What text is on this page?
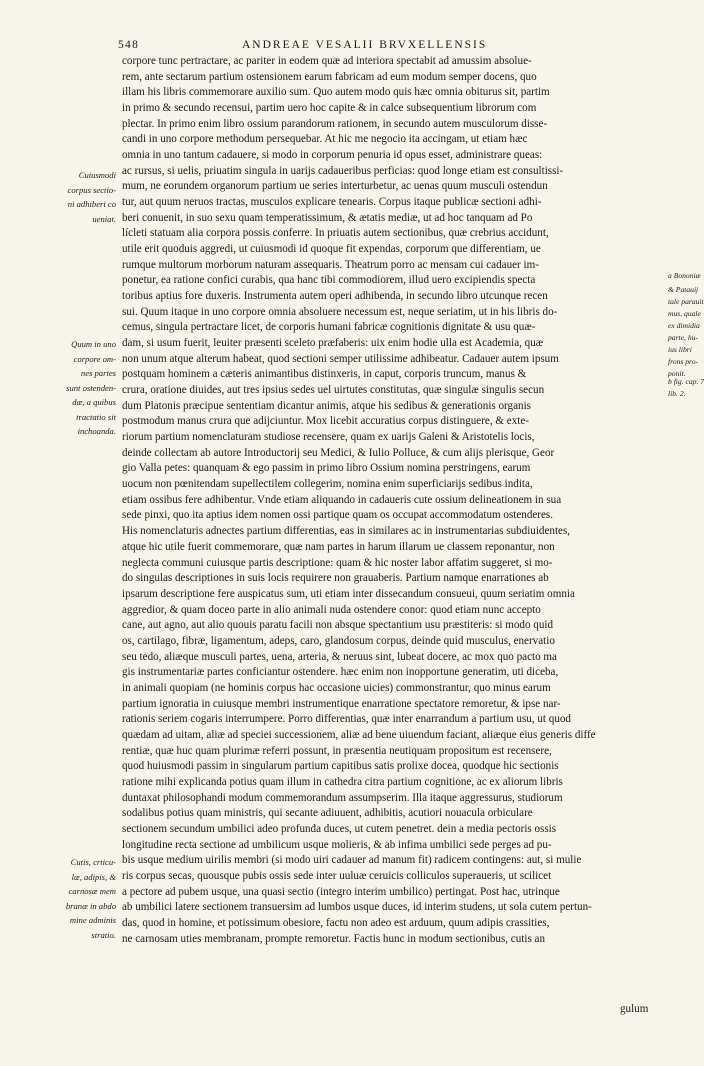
548	ANDREAE VESALII BRVXELLENSIS
corpore tunc pertractare, ac pariter in eodem quæ ad interiora spectabit ad amussim absolue-
rem, ante sectarum partium ostensionem earum fabricam ad eum modum semper docens, quo
illam his libris commemorare auxilio sum. Quo autem modo quis hæc omnia obiturus sit, partim
in primo & secundo recensui, partim uero hoc capite & in calce subsequentium librorum com
plectar. In primo enim libro ossium parandorum rationem, in secundo autem musculorum disse-
candi in uno corpore methodum persequebar. At hic me negocio ita accingam, ut etiam hæc
omnia in uno tantum cadauere, si modo in corporum penuria id opus esset, administrare queas:
ac rursus, si uelis, priuatim singula in uarijs cadaueribus perficias: quod longe etiam est consultissi-
mum, ne eorundem organorum partium ue series interturbetur, ac uenas quum musculi ostendun
tur, aut quum neruos tractas, musculos explicare tenearis. Corpus itaque publicæ sectioni adhi-
beri conuenit, in suo sexu quam temperatissimum, & ætatis mediæ, ut ad hoc tanquam ad Po
lícleti statuam alia corpora possis conferre. In priuatis autem sectionibus, quæ crebrius accidunt,
utile erit quoduis aggredi, ut cuiusmodi id quoque fit expendas, corporum que differentiam, ue
rumque multorum morborum naturam assequaris. Theatrum porro ac mensam cui cadauer im-
ponetur, ea ratione confici curabis, qua hanc tibi commodiorem, illud uero excipiendis specta
toribus aptius fore duxeris. Instrumenta autem operi adhibenda, in secundo libro utcunque recen
sui. Quum itaque in uno corpore omnia absoluere necessum est, neque seriatim, ut in his libris do-
cemus, singula pertractare licet, de corporis humani fabricæ cognitionis dignitate & usu quæ-
dam, si usum fuerit, leuiter præsenti sceleto præfaberis: uix enim hodie ulla est Academia, quæ
non unum atque alterum habeat, quod sectioni semper utilissime adhibeatur. Cadauer autem ipsum
postquam hominem a cæteris animantibus distinxeris, in caput, corporis truncum, manus &
crura, oratione diuides, aut tres ipsius sedes uel uirtutes constitutas, quæ singulæ singulis secun
dum Platonis præcipue sententiam dicantur animis, atque his sedibus & generationis organis
postmodum manus crura que adijciuntur. Mox licebit accuratius corpus distinguere, & exte-
riorum partium nomenclaturam studiose recensere, quam ex uarijs Galeni & Aristotelis locis,
deinde collectam ab autore Introductorij seu Medici, & Iulio Polluce, & cum alijs plerisque, Geor
gio Valla petes: quanquam & ego passim in primo libro Ossium nomina perstringens, earum
uocum non pœnitendam supellectilem collegerim, nomina enim superficiarijs sedibus indita,
etiam ossibus fere adhibentur. Vnde etiam aliquando in cadaueris cute ossium delineationem in sua
sede pinxi, quo ita aptius idem nomen ossi partique quam os occupat accommodatum ostenderes.
His nomenclaturis adnectes partium differentias, eas in similares ac in instrumentarias subdiuidentes,
atque hic utile fuerit commemorare, quæ nam partes in harum illarum ue classem reponantur, non
neglecta communi cuiusque partis descriptione: quam & hic noster labor affatim suggeret, si mo-
do singulas descriptiones in suis locis requirere non grauaberis. Partium namque enarrationes ab
ipsarum descriptione fere auspicatus sum, uti etiam inter dissecandum consueui, quum seriatim omnia
aggredior, & quam doceo parte in alio animali nuda ostendere conor: quod etiam nunc accepto
cane, aut agno, aut alio quouis paratu facili non absque spectantium usu præstiteris: si modo quid
os, cartilago, fibræ, ligamentum, adeps, caro, glandosum corpus, deinde quid musculus, enervatio
seu tedo, aliæque musculi partes, uena, arteria, & neruus sint, lubeat docere, ac mox quo pacto ma
gis instrumentariæ partes conficiantur ostendere. hæc enim non inopportune generatim, uti diceba,
in animali quopiam (ne hominis corpus hac occasione uicies) commonstrantur, quo minus earum
partium ignoratia in cuiusque membri instrumentique enarratione spectatore remoretur, & ipse nar-
rationis seriem cogaris interrumpere. Porro differentias, quæ inter enarrandum a partium usu, ut quod
quædam ad uitam, aliæ ad speciei successionem, aliæ ad bene uiuendum faciant, aliæque eius generis diffe
rentiæ, quæ huc quam plurimæ referri possunt, in præsentia neutiquam propositum est recensere,
quod huiusmodi passim in singularum partium capitibus satis prolixe docea, quodque hic sectionis
ratione mihi explicanda potius quam illum in cathedra citra partium cognitione, ac ex aliorum libris
duntaxat philosophandi modum commemorandum assumpserim. Illa itaque aggressurus, studiorum
sodalibus potius quam ministris, qui secante adiuuent, adhibitis, acutiori nouacula orbiculare
sectionem secundum umbilici adeo profunda duces, ut cutem penetret. dein a media pectoris ossis
longitudine recta sectione ad umbilicum usque molieris, & ab infima umbilici sede perges ad pu-
bis usque medium uirilis membri (si modo uiri cadauer ad manum fit) radicem contingens: aut, si mulie
ris corpus secas, quousque pubis ossis sede inter uuluæ ceruicis colliculos superaueris, ut scilicet
a pectore ad pubem usque, una quasi sectio (integro interim umbilico) pertingat. Post hac, utrinque
ab umbilici latere sectionem transuersim ad lumbos usque duces, id interim studens, ut sola cutem pertun-
das, quod in homine, et potissimum obesiore, factu non adeo est arduum, quum adipis crassities,
ne carnosam uties membranam, prompte remoretur. Factis hunc in modum sectionibus, cutis an
Cuiusmodi
corpus sectio-
ni adhiberi co
ueniat.
Quum in uno
corpore om-
nes partes
sunt ostenden-
dæ, a quibus
tractatio sit
inchoanda.
Cutis, crticu-
læ, adipis, &
carnosæ mem
branæ in abdo
mine adminis
stratio.
a Bononiæ
& Patauij
tale parauit
mus, quale
ex dimidia
parte, hu-
ius libri
frons pro-
ponit.
b fig. cap. 7
lib. 2.
gulum
